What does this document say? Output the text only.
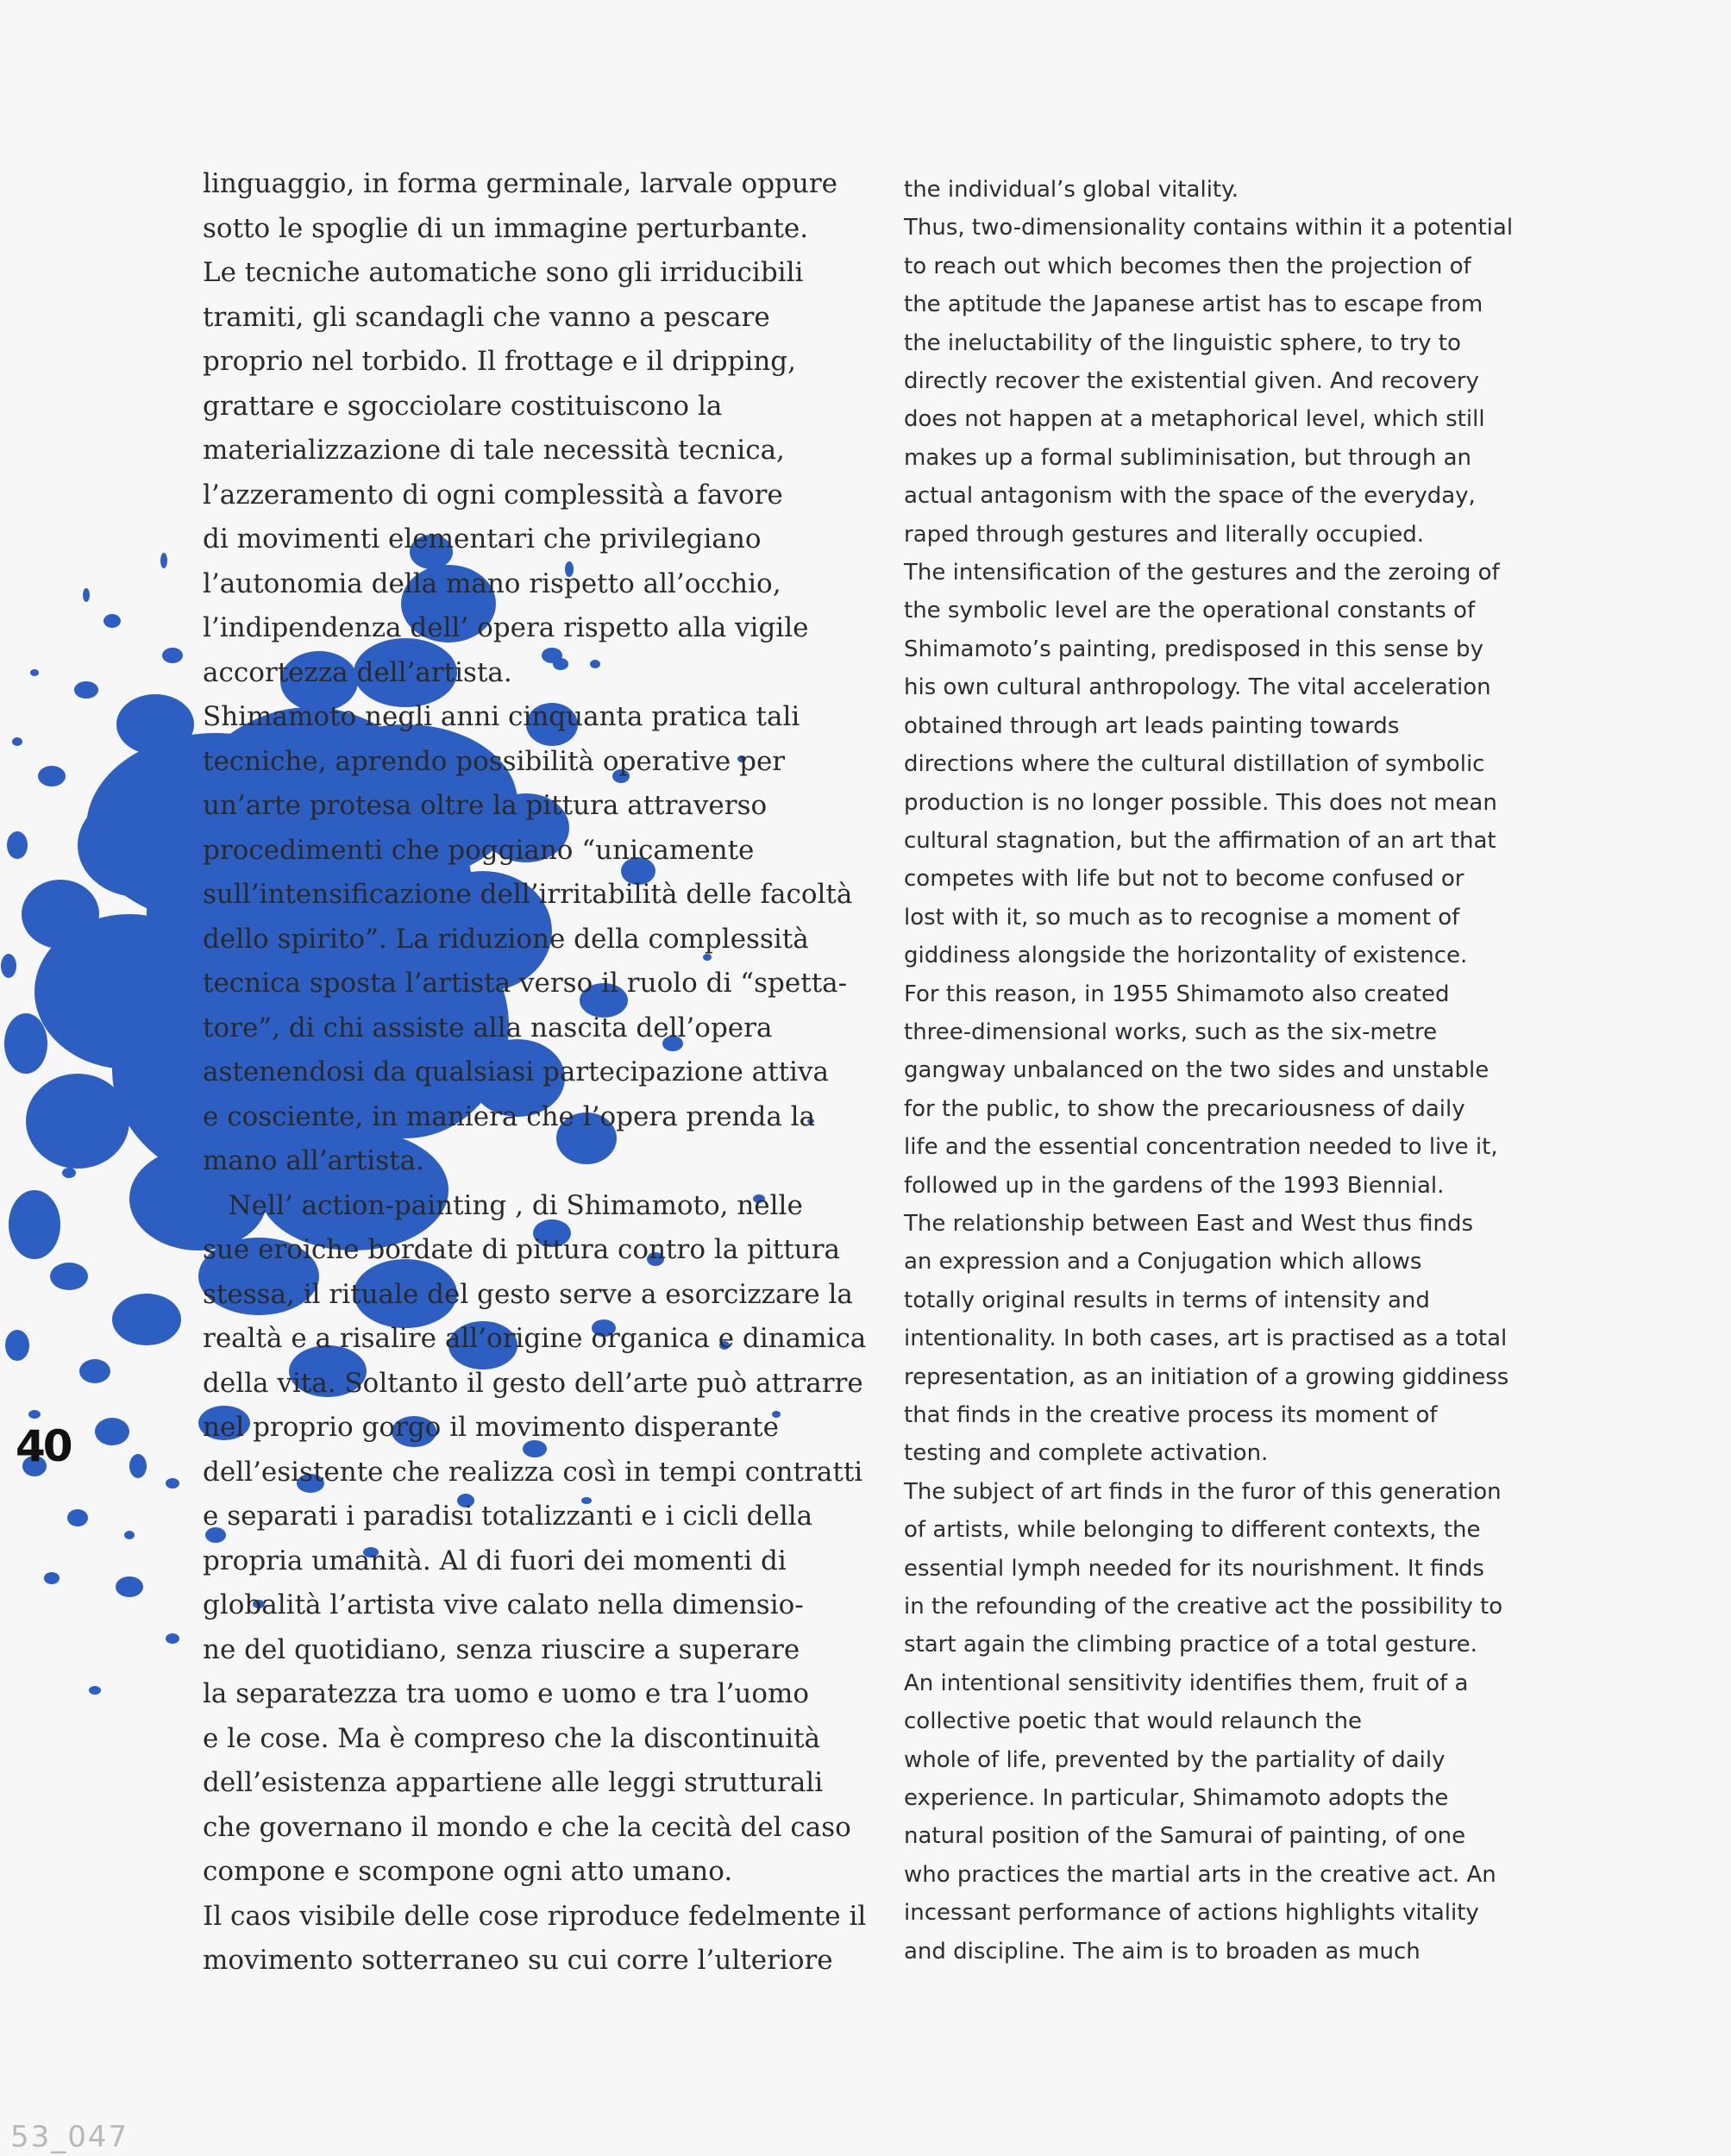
linguaggio, in forma germinale, larvale oppure
sotto le spoglie di un immagine perturbante.
Le tecniche automatiche sono gli irriducibili
tramiti, gli scandagli che vanno a pescare
proprio nel torbido. Il frottage e il dripping,
grattare e sgocciolare costituiscono la
materializzazione di tale necessità tecnica,
l’azzeramento di ogni complessità a favore
di movimenti elementari che privilegiano
l’autonomia della mano rispetto all’occhio,
l’indipendenza dell’ opera rispetto alla vigile
accortezza dell’artista.
Shimamoto negli anni cinquanta pratica tali
tecniche, aprendo possibilità operative per
un’arte protesa oltre la pittura attraverso
procedimenti che poggiano “unicamente
sull’intensificazione dell’irritabilità delle facoltà
dello spirito”. La riduzione della complessità
tecnica sposta l’artista verso il ruolo di “spetta-
tore”, di chi assiste alla nascita dell’opera
astenendosi da qualsiasi partecipazione attiva
e cosciente, in maniera che l’opera prenda la
mano all’artista.
Nell’ action-painting , di Shimamoto, nelle
sue eroiche bordate di pittura contro la pittura
stessa, il rituale del gesto serve a esorcizzare la
realtà e a risalire all’origine organica e dinamica
della vita. Soltanto il gesto dell’arte può attrarre
nel proprio gorgo il movimento disperante
dell’esistente che realizza così in tempi contratti
e separati i paradisi totalizzanti e i cicli della
propria umanità. Al di fuori dei momenti di
globalità l’artista vive calato nella dimensio-
ne del quotidiano, senza riuscire a superare
la separatezza tra uomo e uomo e tra l’uomo
e le cose. Ma è compreso che la discontinuità
dell’esistenza appartiene alle leggi strutturali
che governano il mondo e che la cecità del caso
compone e scompone ogni atto umano.
Il caos visibile delle cose riproduce fedelmente il
movimento sotterraneo su cui corre l’ulteriore
the individual’s global vitality.
Thus, two-dimensionality contains within it a potential
to reach out which becomes then the projection of
the aptitude the Japanese artist has to escape from
the ineluctability of the linguistic sphere, to try to
directly recover the existential given. And recovery
does not happen at a metaphorical level, which still
makes up a formal subliminisation, but through an
actual antagonism with the space of the everyday,
raped through gestures and literally occupied.
The intensification of the gestures and the zeroing of
the symbolic level are the operational constants of
Shimamoto’s painting, predisposed in this sense by
his own cultural anthropology. The vital acceleration
obtained through art leads painting towards
directions where the cultural distillation of symbolic
production is no longer possible. This does not mean
cultural stagnation, but the affirmation of an art that
competes with life but not to become confused or
lost with it, so much as to recognise a moment of
giddiness alongside the horizontality of existence.
For this reason, in 1955 Shimamoto also created
three-dimensional works, such as the six-metre
gangway unbalanced on the two sides and unstable
for the public, to show the precariousness of daily
life and the essential concentration needed to live it,
followed up in the gardens of the 1993 Biennial.
The relationship between East and West thus finds
an expression and a Conjugation which allows
totally original results in terms of intensity and
intentionality. In both cases, art is practised as a total
representation, as an initiation of a growing giddiness
that finds in the creative process its moment of
testing and complete activation.
The subject of art finds in the furor of this generation
of artists, while belonging to different contexts, the
essential lymph needed for its nourishment. It finds
in the refounding of the creative act the possibility to
start again the climbing practice of a total gesture.
An intentional sensitivity identifies them, fruit of a
collective poetic that would relaunch the
whole of life, prevented by the partiality of daily
experience. In particular, Shimamoto adopts the
natural position of the Samurai of painting, of one
who practices the martial arts in the creative act. An
incessant performance of actions highlights vitality
and discipline. The aim is to broaden as much
40
53_047
